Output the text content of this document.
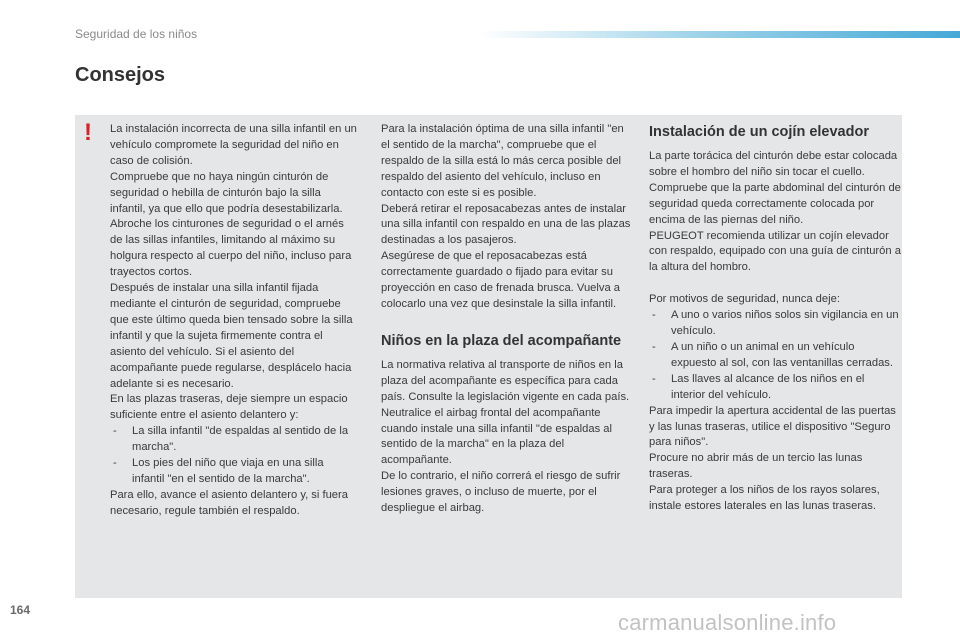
Seguridad de los niños
Consejos
! La instalación incorrecta de una silla infantil en un vehículo compromete la seguridad del niño en caso de colisión.

Compruebe que no haya ningún cinturón de seguridad o hebilla de cinturón bajo la silla infantil, ya que ello que podría desestabilizarla.

Abroche los cinturones de seguridad o el arnés de las sillas infantiles, limitando al máximo su holgura respecto al cuerpo del niño, incluso para trayectos cortos.

Después de instalar una silla infantil fijada mediante el cinturón de seguridad, compruebe que este último queda bien tensado sobre la silla infantil y que la sujeta firmemente contra el asiento del vehículo. Si el asiento del acompañante puede regularse, desplácelo hacia adelante si es necesario.

En las plazas traseras, deje siempre un espacio suficiente entre el asiento delantero y:

- La silla infantil "de espaldas al sentido de la marcha".

- Los pies del niño que viaja en una silla infantil "en el sentido de la marcha".

Para ello, avance el asiento delantero y, si fuera necesario, regule también el respaldo.

Para la instalación óptima de una silla infantil "en el sentido de la marcha", compruebe que el respaldo de la silla está lo más cerca posible del respaldo del asiento del vehículo, incluso en contacto con este si es posible.

Deberá retirar el reposacabezas antes de instalar una silla infantil con respaldo en una de las plazas destinadas a los pasajeros.

Asegúrese de que el reposacabezas está correctamente guardado o fijado para evitar su proyección en caso de frenada brusca. Vuelva a colocarlo una vez que desinstale la silla infantil.

Niños en la plaza del acompañante

La normativa relativa al transporte de niños en la plaza del acompañante es específica para cada país. Consulte la legislación vigente en cada país.

Neutralice el airbag frontal del acompañante cuando instale una silla infantil "de espaldas al sentido de la marcha" en la plaza del acompañante.

De lo contrario, el niño correrá el riesgo de sufrir lesiones graves, o incluso de muerte, por el despliegue el airbag.

Instalación de un cojín elevador

La parte torácica del cinturón debe estar colocada sobre el hombro del niño sin tocar el cuello.

Compruebe que la parte abdominal del cinturón de seguridad queda correctamente colocada por encima de las piernas del niño.

PEUGEOT recomienda utilizar un cojín elevador con respaldo, equipado con una guía de cinturón a la altura del hombro.

Por motivos de seguridad, nunca deje:

- A uno o varios niños solos sin vigilancia en un vehículo.

- A un niño o un animal en un vehículo expuesto al sol, con las ventanillas cerradas.

- Las llaves al alcance de los niños en el interior del vehículo.

Para impedir la apertura accidental de las puertas y las lunas traseras, utilice el dispositivo "Seguro para niños".

Procure no abrir más de un tercio las lunas traseras.

Para proteger a los niños de los rayos solares, instale estores laterales en las lunas traseras.

164	carmanualsonline.info
